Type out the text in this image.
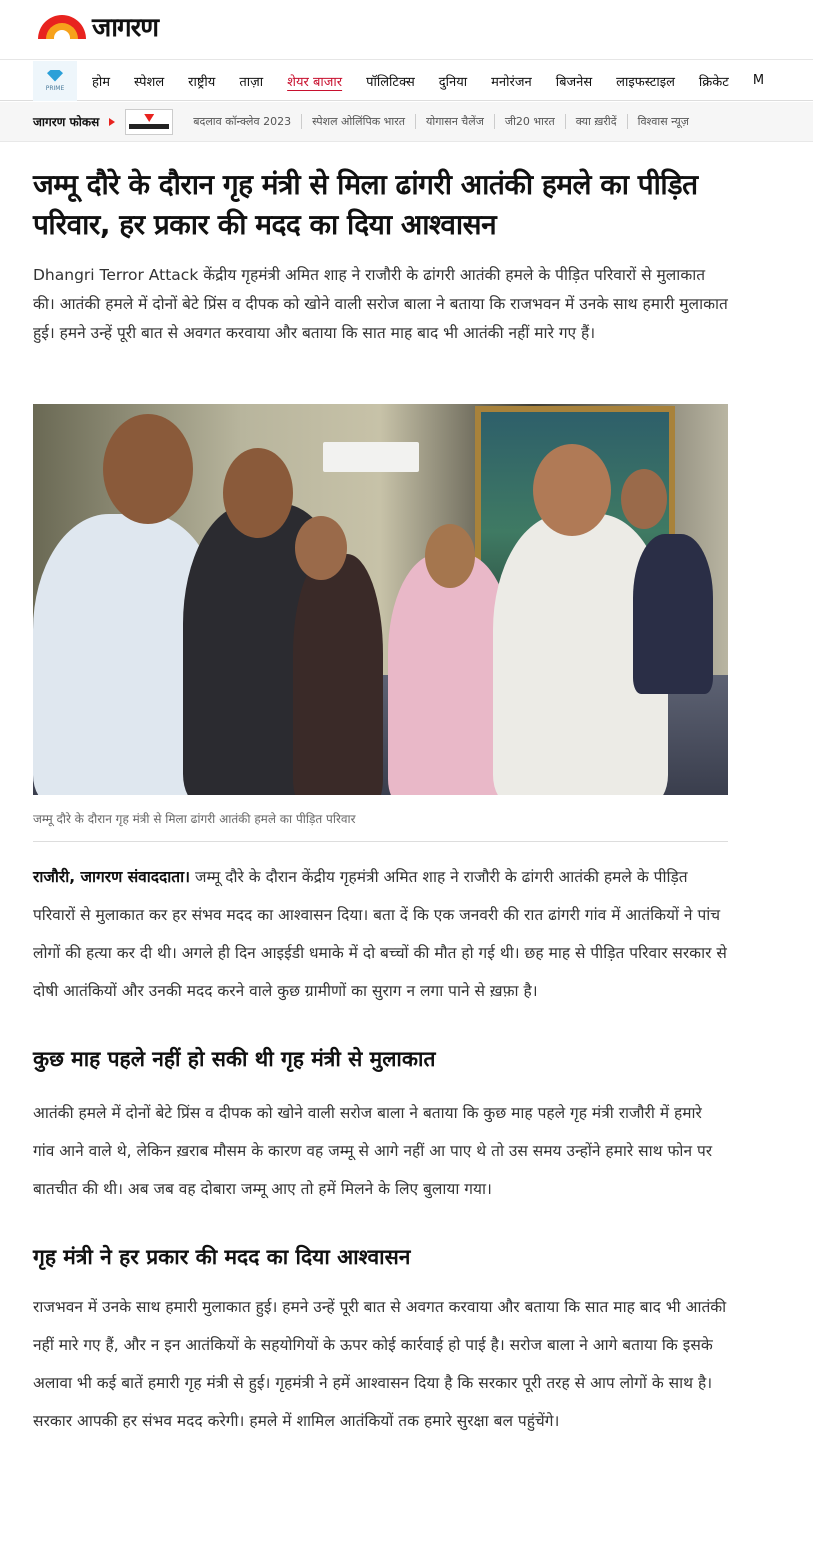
जागरण
PRIME होम स्पेशल राष्ट्रीय ताज़ा शेयर बाजार पॉलिटिक्स दुनिया मनोरंजन बिजनेस लाइफस्टाइल क्रिकेट M
जागरण फोकस	बदलाव कॉन्क्लेव 2023	स्पेशल ओलिंपिक भारत	योगासन चैलेंज	जी20 भारत	क्या ख़रीदें	विश्वास न्यूज़
जम्मू दौरे के दौरान गृह मंत्री से मिला ढांगरी आतंकी हमले का पीड़ित परिवार, हर प्रकार की मदद का दिया आश्वासन

Dhangri Terror Attack केंद्रीय गृहमंत्री अमित शाह ने राजौरी के ढांगरी आतंकी हमले के पीड़ित परिवारों से मुलाकात की। आतंकी हमले में दोनों बेटे प्रिंस व दीपक को खोने वाली सरोज बाला ने बताया कि राजभवन में उनके साथ हमारी मुलाकात हुई। हमने उन्हें पूरी बात से अवगत करवाया और बताया कि सात माह बाद भी आतंकी नहीं मारे गए हैं।

जम्मू दौरे के दौरान गृह मंत्री से मिला ढांगरी आतंकी हमले का पीड़ित परिवार

राजौरी, जागरण संवाददाता। जम्मू दौरे के दौरान केंद्रीय गृहमंत्री अमित शाह ने राजौरी के ढांगरी आतंकी हमले के पीड़ित परिवारों से मुलाकात कर हर संभव मदद का आश्वासन दिया। बता दें कि एक जनवरी की रात ढांगरी गांव में आतंकियों ने पांच लोगों की हत्या कर दी थी। अगले ही दिन आइईडी धमाके में दो बच्चों की मौत हो गई थी। छह माह से पीड़ित परिवार सरकार से दोषी आतंकियों और उनकी मदद करने वाले कुछ ग्रामीणों का सुराग न लगा पाने से ख़फ़ा है।

कुछ माह पहले नहीं हो सकी थी गृह मंत्री से मुलाकात

आतंकी हमले में दोनों बेटे प्रिंस व दीपक को खोने वाली सरोज बाला ने बताया कि कुछ माह पहले गृह मंत्री राजौरी में हमारे गांव आने वाले थे, लेकिन ख़राब मौसम के कारण वह जम्मू से आगे नहीं आ पाए थे तो उस समय उन्होंने हमारे साथ फोन पर बातचीत की थी। अब जब वह दोबारा जम्मू आए तो हमें मिलने के लिए बुलाया गया।

गृह मंत्री ने हर प्रकार की मदद का दिया आश्वासन

राजभवन में उनके साथ हमारी मुलाकात हुई। हमने उन्हें पूरी बात से अवगत करवाया और बताया कि सात माह बाद भी आतंकी नहीं मारे गए हैं, और न इन आतंकियों के सहयोगियों के ऊपर कोई कार्रवाई हो पाई है। सरोज बाला ने आगे बताया कि इसके अलावा भी कई बातें हमारी गृह मंत्री से हुई। गृहमंत्री ने हमें आश्वासन दिया है कि सरकार पूरी तरह से आप लोगों के साथ है। सरकार आपकी हर संभव मदद करेगी। हमले में शामिल आतंकियों तक हमारे सुरक्षा बल पहुंचेंगे।
